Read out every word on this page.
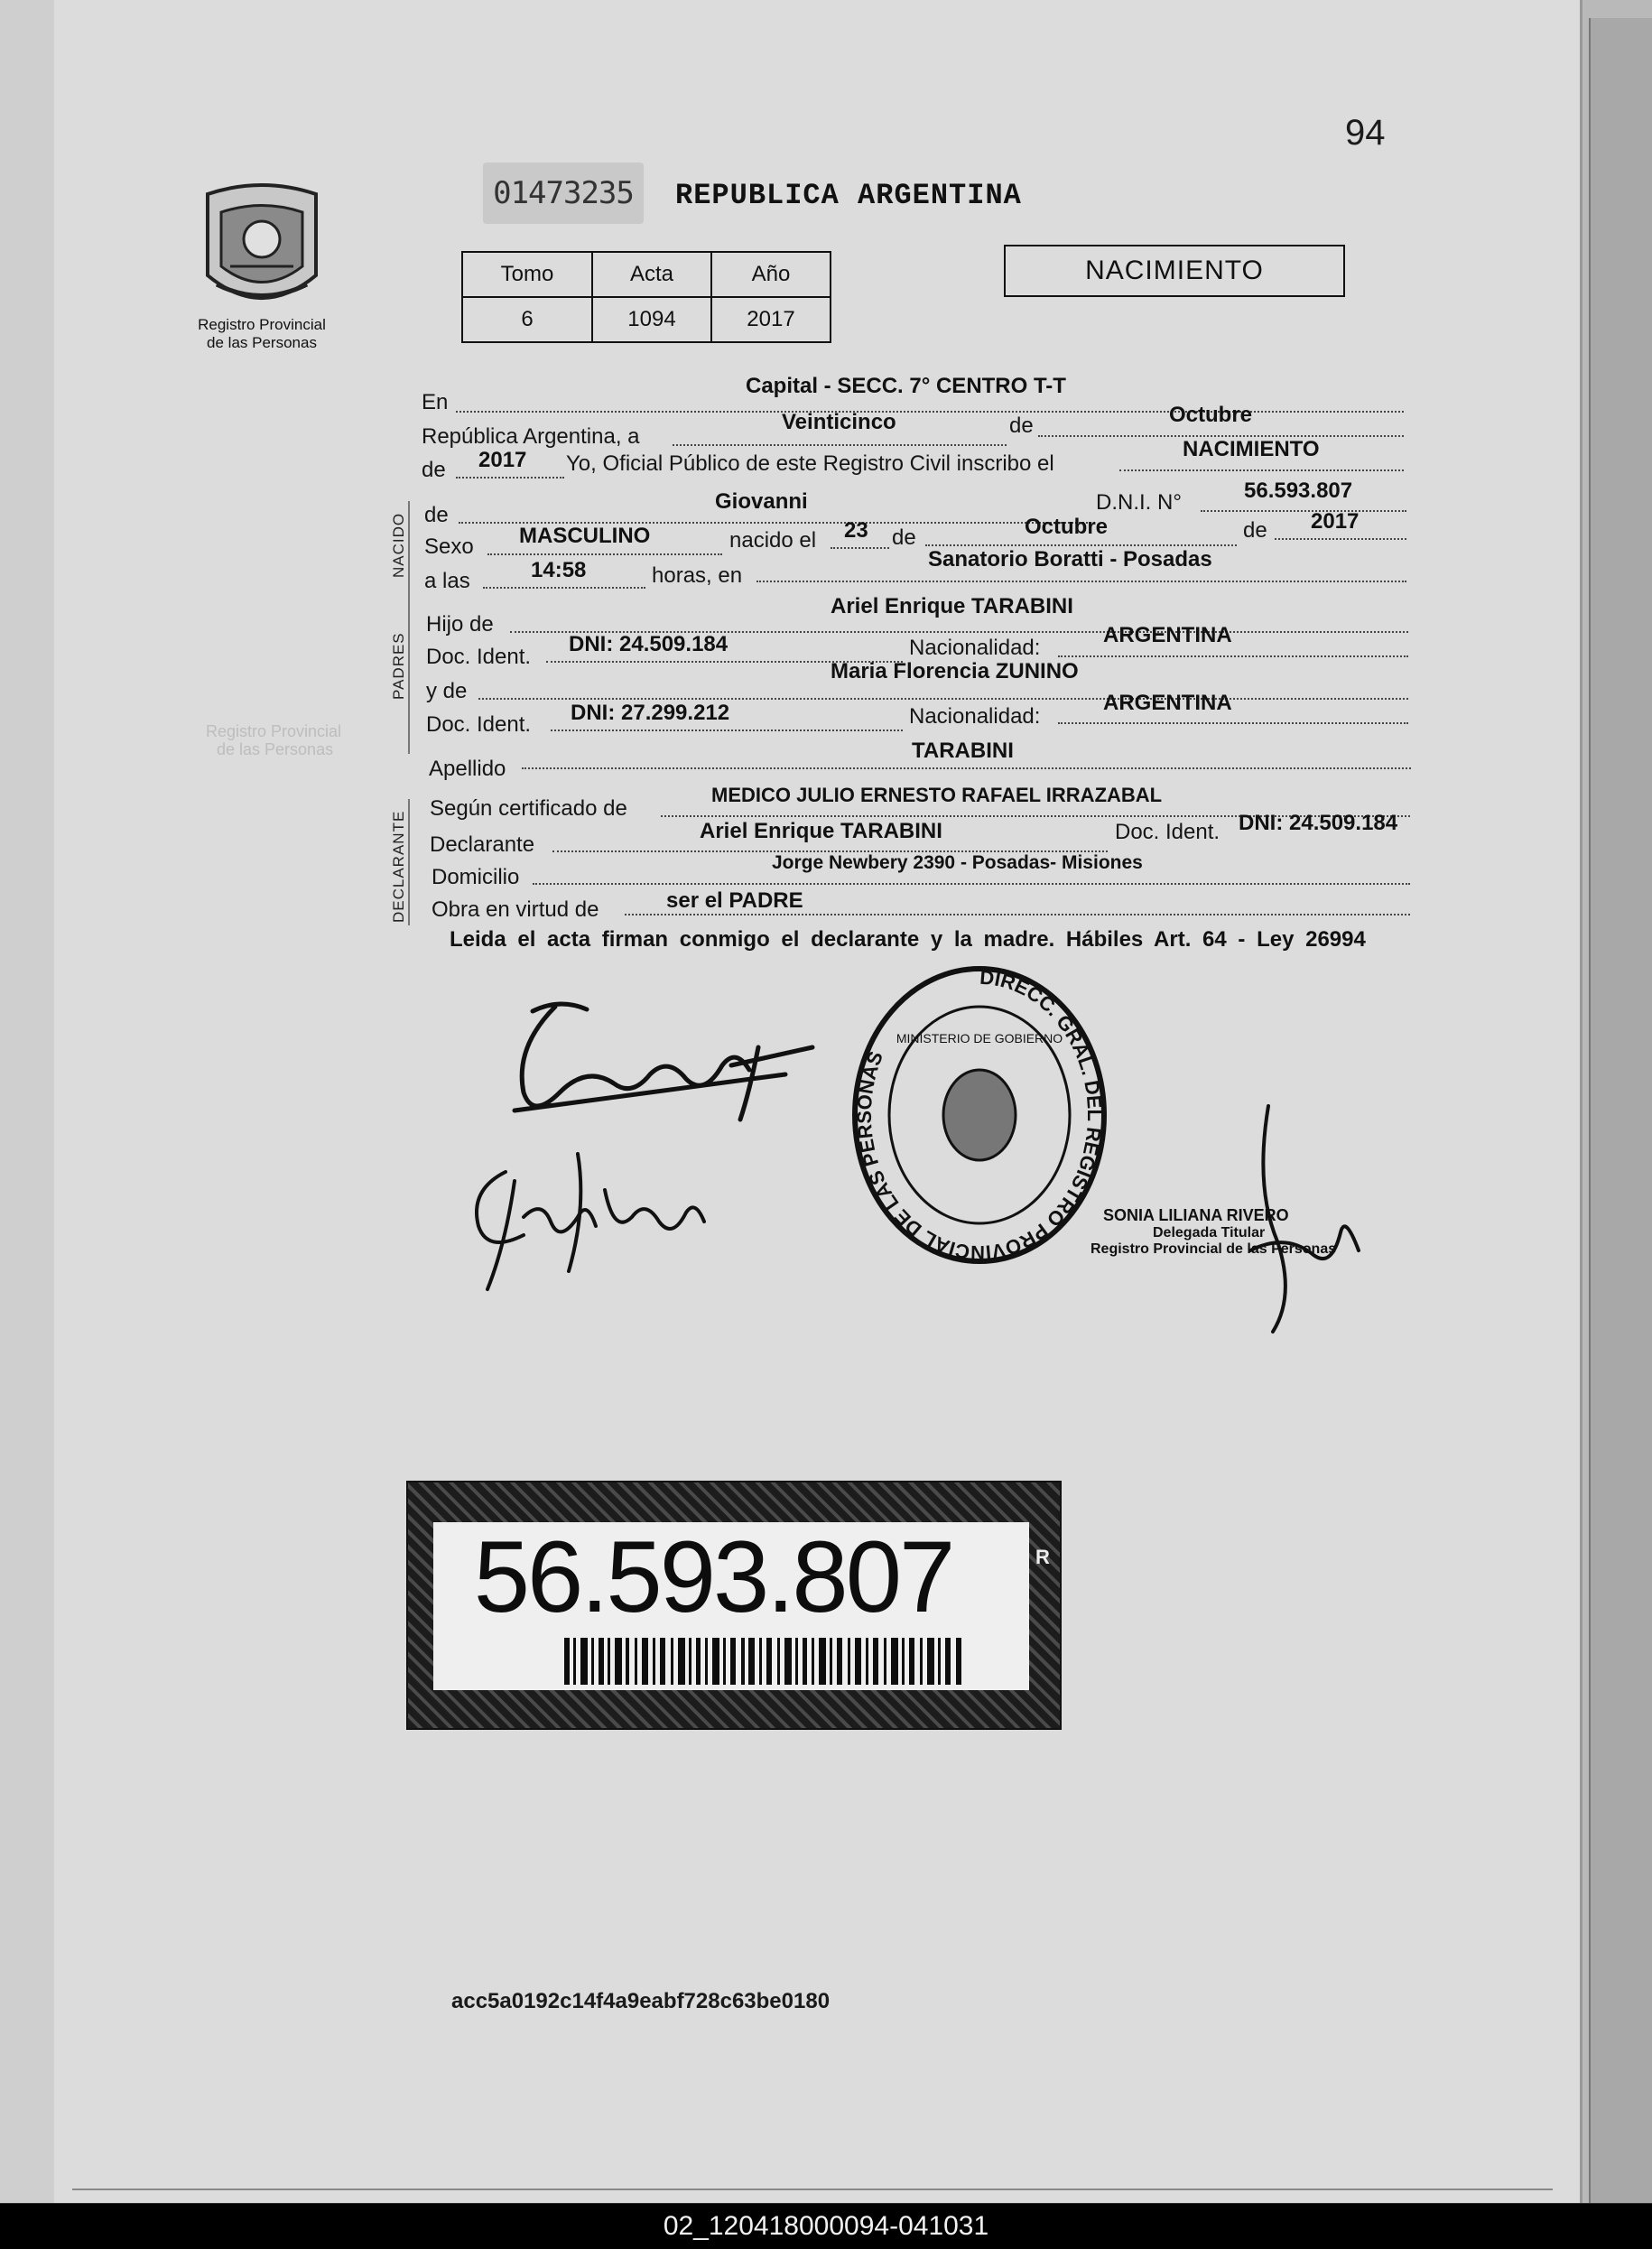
94
Registro Provincial
de las Personas
01473235	REPUBLICA ARGENTINA
Tomo	Acta	Año
6	1094	2017
NACIMIENTO
Registro Provincial
de las Personas
En
Capital - SECC. 7° CENTRO T-T
República Argentina, a
Veinticinco	de	Octubre
de 2017 Yo, Oficial Público de este Registro Civil inscribo el
NACIMIENTO
NACIDO de
Giovanni	D.N.I. N°	56.593.807
Sexo MASCULINO	nacido el 23 de	Octubre	de 2017
a las	14:58	horas, en
Sanatorio Boratti - Posadas
PADRES
Hijo de
Ariel Enrique TARABINI
Doc. Ident.
DNI: 24.509.184	Nacionalidad:
ARGENTINA
y de
Maria Florencia ZUNINO
Doc. Ident. DNI: 27.299.212	Nacionalidad:
ARGENTINA
Apellido
TARABINI
DECLARANTE
Según certificado de
MEDICO JULIO ERNESTO RAFAEL IRRAZABAL
Declarante
Ariel Enrique TARABINI	Doc. Ident. DNI: 24.509.184
Domicilio
Jorge Newbery 2390 - Posadas- Misiones
Obra en virtud de	ser el PADRE
Leida el acta firman conmigo el declarante y la madre. Hábiles Art. 64 - Ley 26994
DIRECC. GRAL. DEL REGISTRO PROVINCIAL DE LAS PERSONAS
MINISTERIO DE GOBIERNO
SONIA LILIANA RIVERO
Delegada Titular
Registro Provincial de las Personas
R
56.593.807
acc5a0192c14f4a9eabf728c63be0180
02_120418000094-041031
